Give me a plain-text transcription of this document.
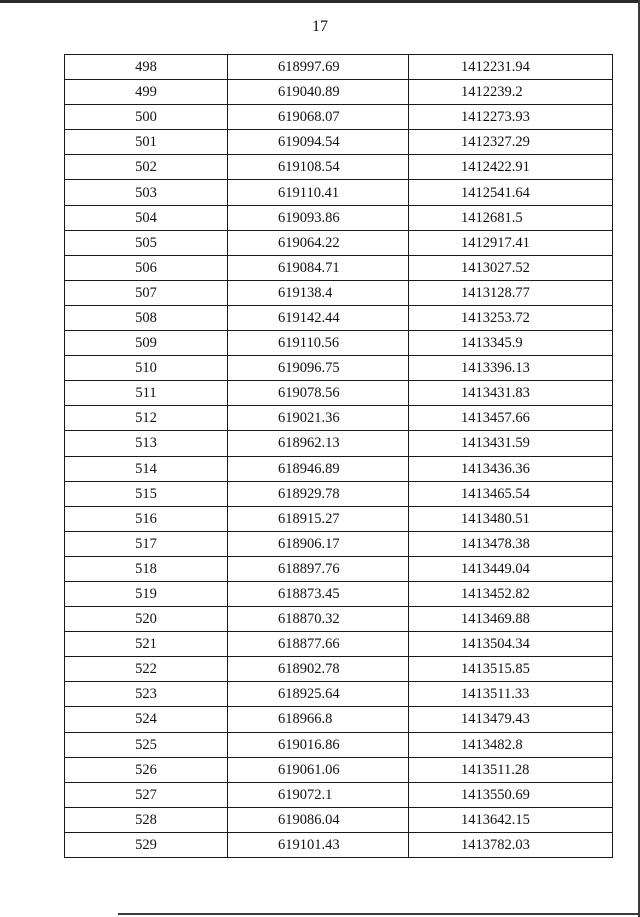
17
498	618997.69	1412231.94
499	619040.89	1412239.2
500	619068.07	1412273.93
501	619094.54	1412327.29
502	619108.54	1412422.91
503	619110.41	1412541.64
504	619093.86	1412681.5
505	619064.22	1412917.41
506	619084.71	1413027.52
507	619138.4	1413128.77
508	619142.44	1413253.72
509	619110.56	1413345.9
510	619096.75	1413396.13
511	619078.56	1413431.83
512	619021.36	1413457.66
513	618962.13	1413431.59
514	618946.89	1413436.36
515	618929.78	1413465.54
516	618915.27	1413480.51
517	618906.17	1413478.38
518	618897.76	1413449.04
519	618873.45	1413452.82
520	618870.32	1413469.88
521	618877.66	1413504.34
522	618902.78	1413515.85
523	618925.64	1413511.33
524	618966.8	1413479.43
525	619016.86	1413482.8
526	619061.06	1413511.28
527	619072.1	1413550.69
528	619086.04	1413642.15
529	619101.43	1413782.03
